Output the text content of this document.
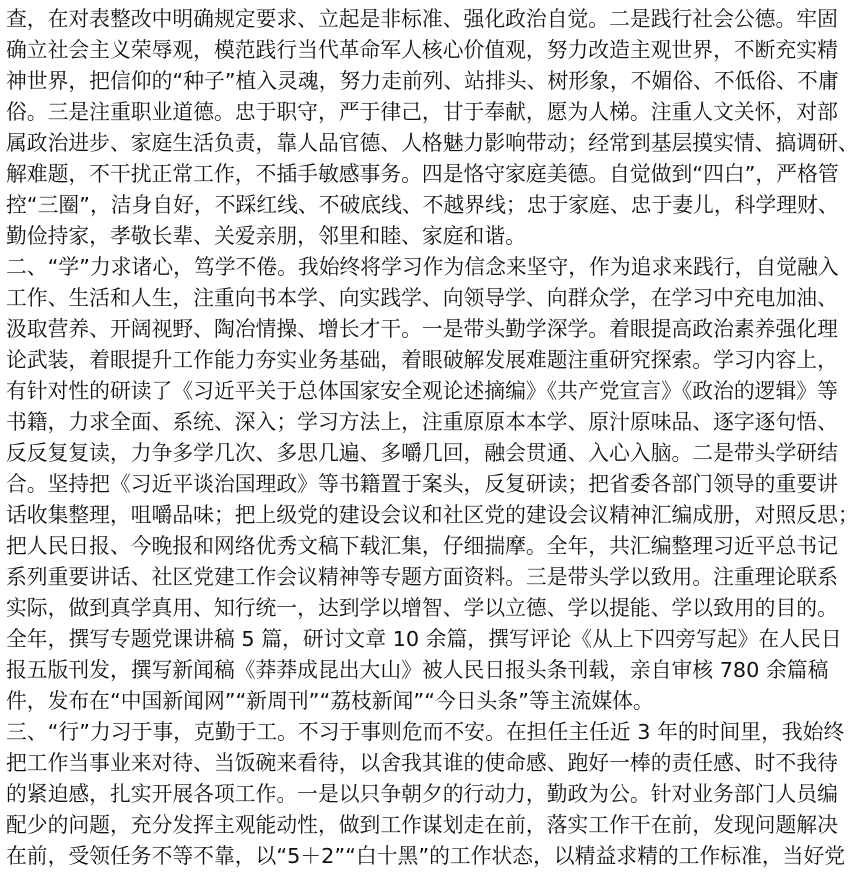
查，在对表整改中明确规定要求、立起是非标准、强化政治自觉。二是践行社会公德。牢固
确立社会主义荣辱观，模范践行当代革命军人核心价值观，努力改造主观世界，不断充实精
神世界，把信仰的“种子”植入灵魂，努力走前列、站排头、树形象，不媚俗、不低俗、不庸
俗。三是注重职业道德。忠于职守，严于律己，甘于奉献，愿为人梯。注重人文关怀，对部
属政治进步、家庭生活负责，靠人品官德、人格魅力影响带动；经常到基层摸实情、搞调研、
解难题，不干扰正常工作，不插手敏感事务。四是恪守家庭美德。自觉做到“四白”，严格管
控“三圈”，洁身自好，不踩红线、不破底线、不越界线；忠于家庭、忠于妻儿，科学理财、
勤俭持家，孝敬长辈、关爱亲朋，邻里和睦、家庭和谐。
二、“学”力求诸心，笃学不倦。我始终将学习作为信念来坚守，作为追求来践行，自觉融入
工作、生活和人生，注重向书本学、向实践学、向领导学、向群众学，在学习中充电加油、
汲取营养、开阔视野、陶冶情操、增长才干。一是带头勤学深学。着眼提高政治素养强化理
论武装，着眼提升工作能力夯实业务基础，着眼破解发展难题注重研究探索。学习内容上，
有针对性的研读了《习近平关于总体国家安全观论述摘编》《共产党宣言》《政治的逻辑》等
书籍，力求全面、系统、深入；学习方法上，注重原原本本学、原汁原味品、逐字逐句悟、
反反复复读，力争多学几次、多思几遍、多嚼几回，融会贯通、入心入脑。二是带头学研结
合。坚持把《习近平谈治国理政》等书籍置于案头，反复研读；把省委各部门领导的重要讲
话收集整理，咀嚼品味；把上级党的建设会议和社区党的建设会议精神汇编成册，对照反思；
把人民日报、今晚报和网络优秀文稿下载汇集，仔细揣摩。全年，共汇编整理习近平总书记
系列重要讲话、社区党建工作会议精神等专题方面资料。三是带头学以致用。注重理论联系
实际，做到真学真用、知行统一，达到学以增智、学以立德、学以提能、学以致用的目的。
全年，撰写专题党课讲稿 5 篇，研讨文章 10 余篇，撰写评论《从上下四旁写起》在人民日
报五版刊发，撰写新闻稿《莽莽成昆出大山》被人民日报头条刊载，亲自审核 780 余篇稿
件，发布在“中国新闻网”“新周刊”“荔枝新闻”“今日头条”等主流媒体。
三、“行”力习于事，克勤于工。不习于事则危而不安。在担任主任近 3 年的时间里，我始终
把工作当事业来对待、当饭碗来看待，以舍我其谁的使命感、跑好一棒的责任感、时不我待
的紧迫感，扎实开展各项工作。一是以只争朝夕的行动力，勤政为公。针对业务部门人员编
配少的问题，充分发挥主观能动性，做到工作谋划走在前，落实工作干在前，发现问题解决
在前，受领任务不等不靠，以“5＋2”“白十黑”的工作状态，以精益求精的工作标准，当好党
